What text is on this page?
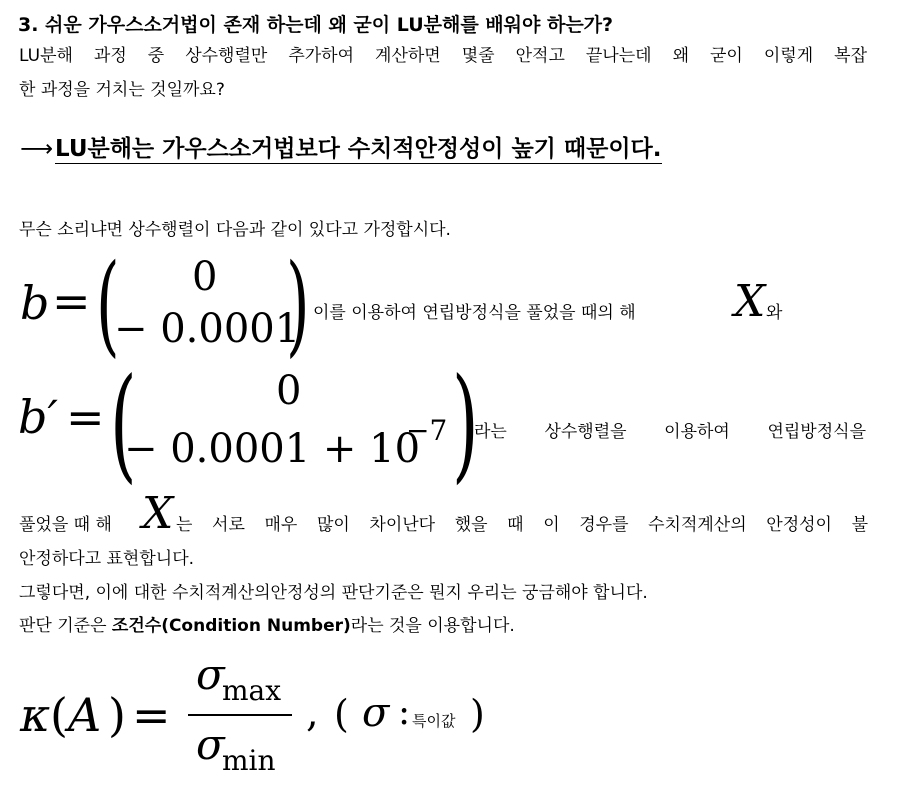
3. 쉬운 가우스소거법이 존재 하는데 왜 굳이 LU분해를 배워야 하는가?
LU분해 과정 중 상수행렬만 추가하여 계산하면 몇줄 안적고 끝나는데 왜 굳이 이렇게 복잡
한 과정을 거치는 것일까요?
⟶LU분해는 가우스소거법보다 수치적안정성이 높기 때문이다.
무슨 소리냐면 상수행렬이 다음과 같이 있다고 가정합시다.
b = ( 0
− 0.0001
) 이를 이용하여 연립방정식을 풀었을 때의 해 X 와
b′ = (	0
− 0.0001 + 10
−7 )
라는 상수행렬을 이용하여 연립방정식을
풀었을 때 해 X 는 서로 매우 많이 차이난다 했을 때 이 경우를 수치적계산의 안정성이 불
안정하다고 표현합니다.
그렇다면, 이에 대한 수치적계산의안정성의 판단기준은 뭔지 우리는 궁금해야 합니다.
판단 기준은 조건수(Condition Number)라는 것을 이용합니다.
κ ( A ) =
σ
max
σ
min
, ( σ : 특이값 )
